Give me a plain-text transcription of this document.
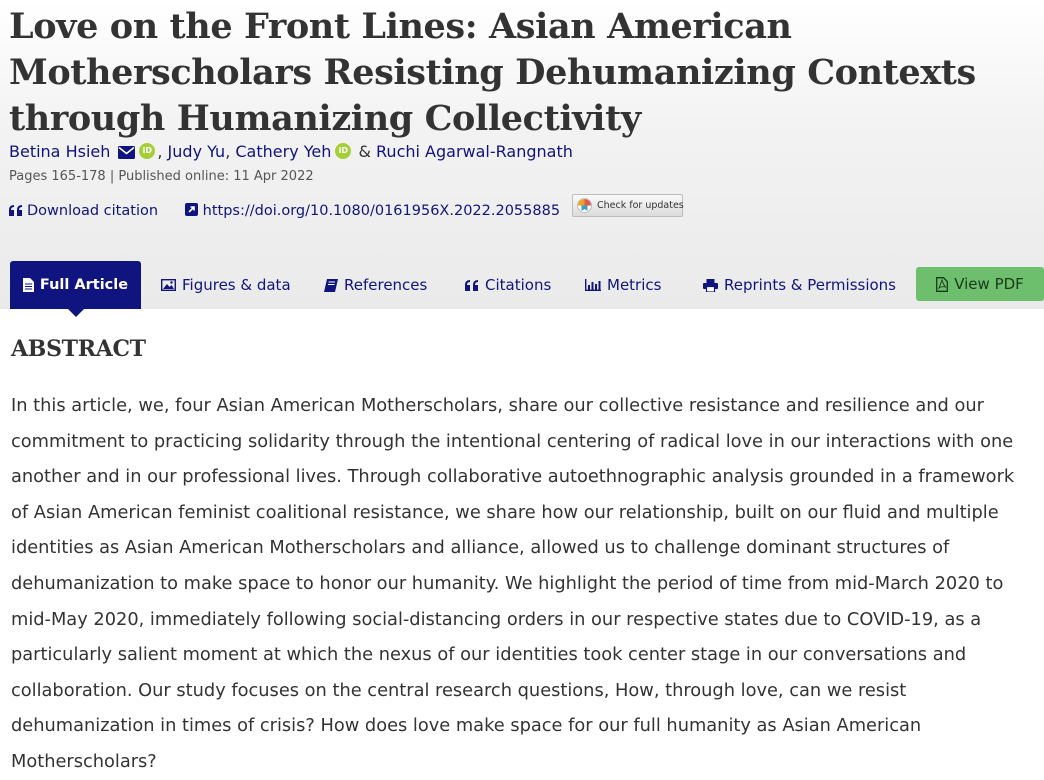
Love on the Front Lines: Asian American Motherscholars Resisting Dehumanizing Contexts through Humanizing Collectivity
Betina HsiehiD	, Judy Yu, Cathery YehiD & Ruchi Agarwal-Rangnath
Pages 165-178 | Published online: 11 Apr 2022
Download citation	https://doi.org/10.1080/0161956X.2022.2055885	Check for updates
Full Article	Figures & data	References	Citations	Metrics	Reprints & Permissions	View PDF
ABSTRACT

In this article, we, four Asian American Motherscholars, share our collective resistance and resilience and our commitment to practicing solidarity through the intentional centering of radical love in our interactions with one another and in our professional lives. Through collaborative autoethnographic analysis grounded in a framework of Asian American feminist coalitional resistance, we share how our relationship, built on our fluid and multiple identities as Asian American Motherscholars and alliance, allowed us to challenge dominant structures of dehumanization to make space to honor our humanity. We highlight the period of time from mid-March 2020 to mid-May 2020, immediately following social-distancing orders in our respective states due to COVID-19, as a particularly salient moment at which the nexus of our identities took center stage in our conversations and collaboration. Our study focuses on the central research questions, How, through love, can we resist dehumanization in times of crisis? How does love make space for our full humanity as Asian American Motherscholars?
